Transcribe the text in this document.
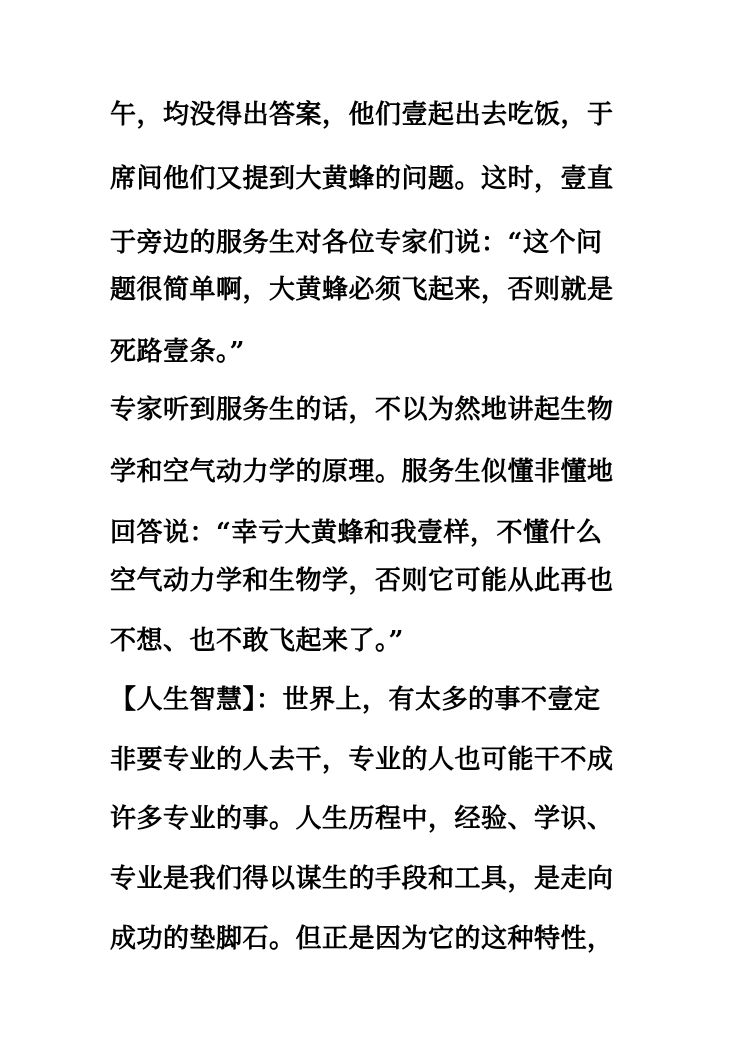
午，均没得出答案，他们壹起出去吃饭，于
席间他们又提到大黄蜂的问题。这时，壹直
于旁边的服务生对各位专家们说：“这个问
题很简单啊，大黄蜂必须飞起来，否则就是
死路壹条。”
专家听到服务生的话，不以为然地讲起生物
学和空气动力学的原理。服务生似懂非懂地
回答说：“幸亏大黄蜂和我壹样，不懂什么
空气动力学和生物学，否则它可能从此再也
不想、也不敢飞起来了。”
【人生智慧】：世界上，有太多的事不壹定
非要专业的人去干，专业的人也可能干不成
许多专业的事。人生历程中，经验、学识、
专业是我们得以谋生的手段和工具，是走向
成功的垫脚石。但正是因为它的这种特性，
